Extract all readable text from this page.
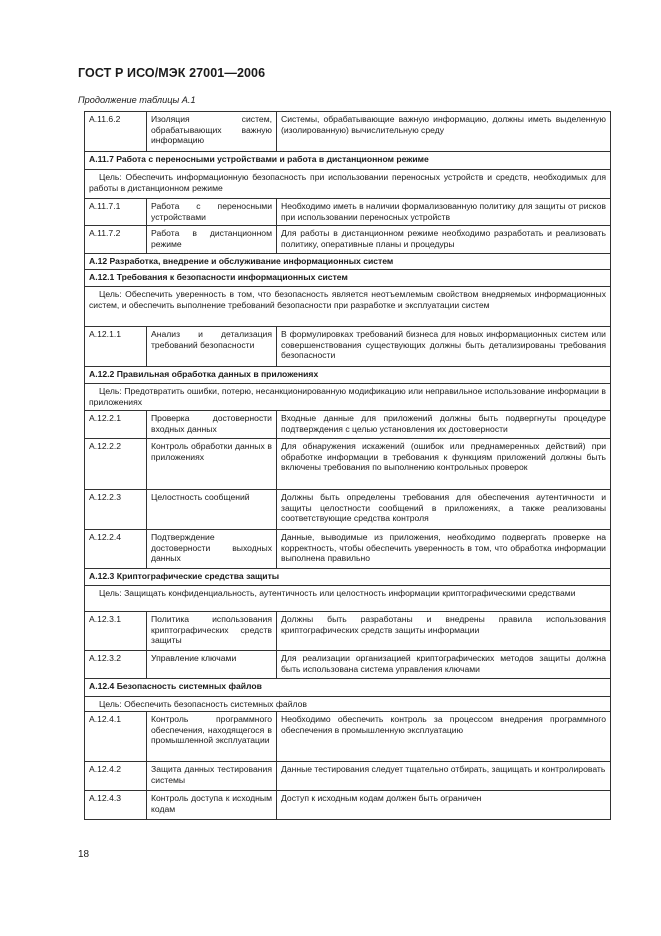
ГОСТ Р ИСО/МЭК 27001—2006
Продолжение таблицы А.1
A.11.6.2	Изоляция систем, обрабатывающих важную информацию	Системы, обрабатывающие важную информацию, должны иметь выделенную (изолированную) вычислительную среду
A.11.7 Работа с переносными устройствами и работа в дистанционном режиме		
Цель: Обеспечить информационную безопасность при использовании переносных устройств и средств, необходимых для работы в дистанционном режиме		
A.11.7.1	Работа с переносными устройствами	Необходимо иметь в наличии формализованную политику для защиты от рисков при использовании переносных устройств
A.11.7.2	Работа в дистанционном режиме	Для работы в дистанционном режиме необходимо разработать и реализовать политику, оперативные планы и процедуры
A.12 Разработка, внедрение и обслуживание информационных систем		
A.12.1 Требования к безопасности информационных систем		
Цель: Обеспечить уверенность в том, что безопасность является неотъемлемым свойством внедряемых информационных систем, и обеспечить выполнение требований безопасности при разработке и эксплуатации систем		
A.12.1.1	Анализ и детализация требований безопасности	В формулировках требований бизнеса для новых информационных систем или совершенствования существующих должны быть детализированы требования безопасности
A.12.2 Правильная обработка данных в приложениях		
Цель: Предотвратить ошибки, потерю, несанкционированную модификацию или неправильное использование информации в приложениях		
A.12.2.1	Проверка достоверности входных данных	Входные данные для приложений должны быть подвергнуты процедуре подтверждения с целью установления их достоверности
A.12.2.2	Контроль обработки данных в приложениях	Для обнаружения искажений (ошибок или преднамеренных действий) при обработке информации в требования к функциям приложений должны быть включены требования по выполнению контрольных проверок
A.12.2.3	Целостность сообщений	Должны быть определены требования для обеспечения аутентичности и защиты целостности сообщений в приложениях, а также реализованы соответствующие средства контроля
A.12.2.4	Подтверждение достоверности выходных данных	Данные, выводимые из приложения, необходимо подвергать проверке на корректность, чтобы обеспечить уверенность в том, что обработка информации выполнена правильно
A.12.3 Криптографические средства защиты		
Цель: Защищать конфиденциальность, аутентичность или целостность информации криптографическими средствами		
A.12.3.1	Политика использования криптографических средств защиты	Должны быть разработаны и внедрены правила использования криптографических средств защиты информации
A.12.3.2	Управление ключами	Для реализации организацией криптографических методов защиты должна быть использована система управления ключами
A.12.4 Безопасность системных файлов		
Цель: Обеспечить безопасность системных файлов		
A.12.4.1	Контроль программного обеспечения, находящегося в промышленной эксплуатации	Необходимо обеспечить контроль за процессом внедрения программного обеспечения в промышленную эксплуатацию
A.12.4.2	Защита данных тестирования системы	Данные тестирования следует тщательно отбирать, защищать и контролировать
A.12.4.3	Контроль доступа к исходным кодам	Доступ к исходным кодам должен быть ограничен
18
